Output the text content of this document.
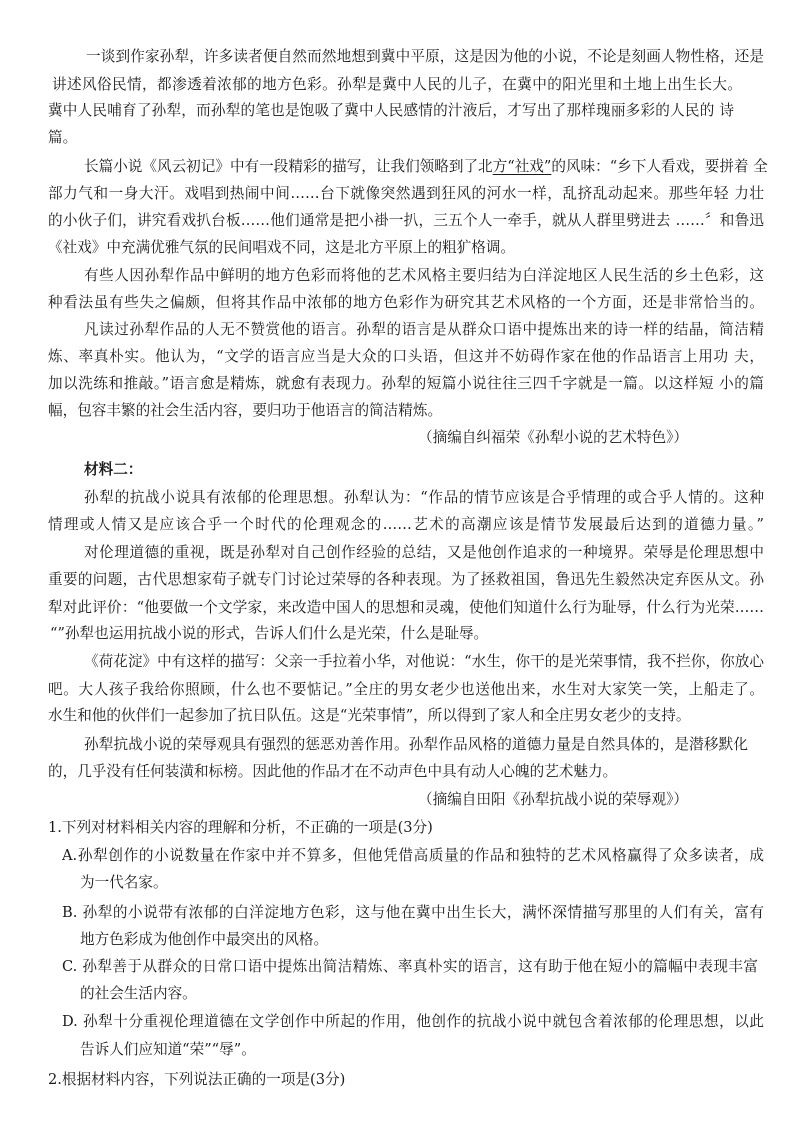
一谈到作家孙犁，许多读者便自然而然地想到冀中平原，这是因为他的小说，不论是刻画人物性格，还是
讲述风俗民情，都渗透着浓郁的地方色彩。孙犁是冀中人民的儿子，在冀中的阳光里和土地上出生长大。
冀中人民哺育了孙犁，而孙犁的笔也是饱吸了冀中人民感情的汁液后，才写出了那样瑰丽多彩的人民的 诗
篇。
长篇小说《风云初记》中有一段精彩的描写，让我们领略到了北 方“社戏” 的风味：“乡下人看戏，要拼着 全
部力气和一身大汗。戏唱到热闹中间……台下就像突然遇到狂风的河水一样，乱挤乱动起来。那些年轻 力壮
的小伙子们，讲究看戏扒台板……他们通常是把小褂一扒，三五个人一牵手，就从人群里劈进去 ……〞和鲁迅
《社戏》中充满优雅气氛的民间唱戏不同，这是北方平原上的粗犷格调。
有些人因孙犁作品中鲜明的地方色彩而将他的艺术风格主要归结为白洋淀地区人民生活的乡土色彩，这
种看法虽有些失之偏颇，但将其作品中浓郁的地方色彩作为研究其艺术风格的一个方面，还是非常恰当的。
凡读过孙犁作品的人无不赞赏他的语言。孙犁的语言是从群众口语中提炼出来的诗一样的结晶，简洁精
炼、率真朴实。他认为，“文学的语言应当是大众的口头语，但这并不妨碍作家在他的作品语言上用功 夫，
加以洗练和推敲。”语言愈是精炼，就愈有表现力。孙犁的短篇小说往往三四千字就是一篇。以这样短 小的篇
幅，包容丰繁的社会生活内容，要归功于他语言的简洁精炼。
（摘编自纠福荣《孙犁小说的艺术特色》）
材料二：
孙犁的抗战小说具有浓郁的伦理思想。孙犁认为：“作品的情节应该是合乎情理的或合乎人情的。这种
情理或人情又是应该合乎一个时代的伦理观念的……艺术的高潮应该是情节发展最后达到的道德力量。”
对伦理道德的重视，既是孙犁对自己创作经验的总结，又是他创作追求的一种境界。荣辱是伦理思想中
重要的问题，古代思想家荀子就专门讨论过荣辱的各种表现。为了拯救祖国，鲁迅先生毅然决定弃医从文。孙
犁对此评价：“他要做一个文学家，来改造中国人的思想和灵魂，使他们知道什么行为耻辱，什么行为光荣……
“”孙犁也运用抗战小说的形式，告诉人们什么是光荣，什么是耻辱。
《荷花淀》中有这样的描写：父亲一手拉着小华，对他说：“水生，你干的是光荣事情，我不拦你，你放心
吧。大人孩子我给你照顾，什么也不要惦记。”全庄的男女老少也送他出来，水生对大家笑一笑，上船走了。
水生和他的伙伴们一起参加了抗日队伍。这是“光荣事情”，所以得到了家人和全庄男女老少的支持。
孙犁抗战小说的荣辱观具有强烈的惩恶劝善作用。孙犁作品风格的道德力量是自然具体的，是潜移默化
的，几乎没有任何装潢和标榜。因此他的作品才在不动声色中具有动人心魄的艺术魅力。
（摘编自田阳《孙犁抗战小说的荣辱观》）
1.下列对材料相关内容的理解和分析，不正确的一项是(3分)
A.孙犁创作的小说数量在作家中并不算多，但他凭借高质量的作品和独特的艺术风格赢得了众多读者，成
为一代名家。
B. 孙犁的小说带有浓郁的白洋淀地方色彩，这与他在冀中出生长大，满怀深情描写那里的人们有关，富有
地方色彩成为他创作中最突出的风格。
C. 孙犁善于从群众的日常口语中提炼出简洁精炼、率真朴实的语言，这有助于他在短小的篇幅中表现丰富
的社会生活内容。
D. 孙犁十分重视伦理道德在文学创作中所起的作用，他创作的抗战小说中就包含着浓郁的伦理思想，以此
告诉人们应知道“荣”“辱”。
2.根据材料内容，下列说法正确的一项是(3分)
